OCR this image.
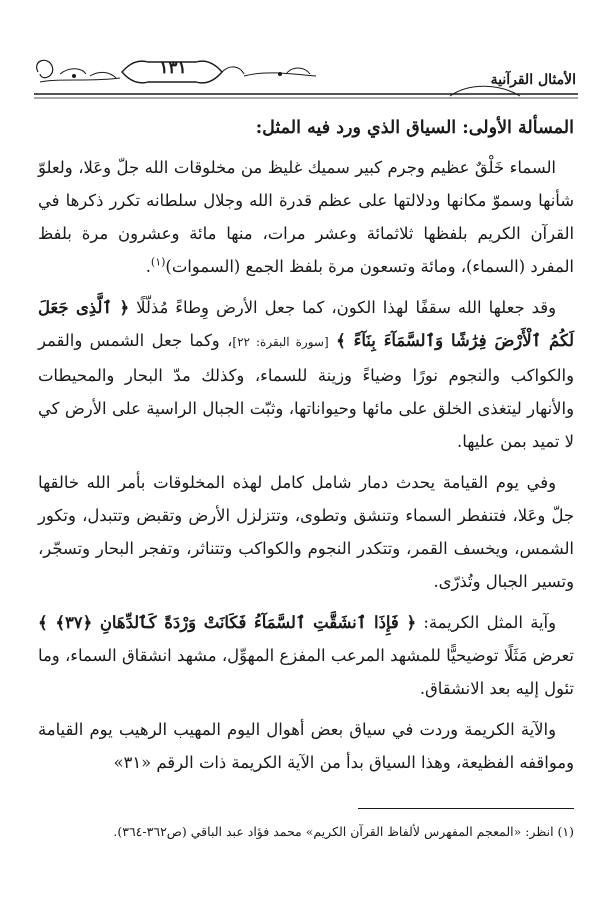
١٣١
الأمثال القرآنية
المسألة الأولى: السياق الذي ورد فيه المثل:

السماء خَلْقٌ عظيم وجرم كبير سميك غليظ من مخلوقات الله جلّ وعَلا، ولعلوّ شأنها وسموّ مكانها ودلالتها على عظم قدرة الله وجلال سلطانه تكرر ذكرها في القرآن الكريم بلفظها ثلاثمائة وعشر مرات، منها مائة وعشرون مرة بلفظ المفرد (السماء)، ومائة وتسعون مرة بلفظ الجمع (السموات)$^{(١)}$.

وقد جعلها الله سقفًا لهذا الكون، كما جعل الأرض وِطاءً مُذلّلًا ﴿ ٱلَّذِى جَعَلَ لَكُمُ ٱلْأَرْضَ فِرَٰشًا وَٱلسَّمَآءَ بِنَآءً ﴾ [سورة البقرة: ٢٢]، وكما جعل الشمس والقمر والكواكب والنجوم نورًا وضياءً وزينة للسماء، وكذلك مدّ البحار والمحيطات والأنهار ليتغذى الخلق على مائها وحيواناتها، وثبّت الجبال الراسية على الأرض كي لا تميد بمن عليها.

وفي يوم القيامة يحدث دمار شامل كامل لهذه المخلوقات بأمر الله خالقها جلّ وعَلا، فتنفطر السماء وتنشق وتطوى، وتتزلزل الأرض وتقبض وتتبدل، وتكور الشمس، ويخسف القمر، وتتكدر النجوم والكواكب وتتناثر، وتفجر البحار وتسجّر، وتسير الجبال وتُذرّى.

وآية المثل الكريمة: ﴿ فَإِذَا ٱنشَقَّتِ ٱلسَّمَآءُ فَكَانَتْ وَرْدَةً كَٱلدِّهَانِ ﴿٣٧﴾ ﴾ تعرض مَثَلًا توضيحيًّا للمشهد المرعب المفزع المهوِّل، مشهد انشقاق السماء، وما تئول إليه بعد الانشقاق.

والآية الكريمة وردت في سياق بعض أهوال اليوم المهيب الرهيب يوم القيامة ومواقفه الفظيعة، وهذا السياق بدأ من الآية الكريمة ذات الرقم «٣١»

(١) انظر: «المعجم المفهرس لألفاظ القرآن الكريم» محمد فؤاد عبد الباقي (ص٣٦٢-٣٦٤).
